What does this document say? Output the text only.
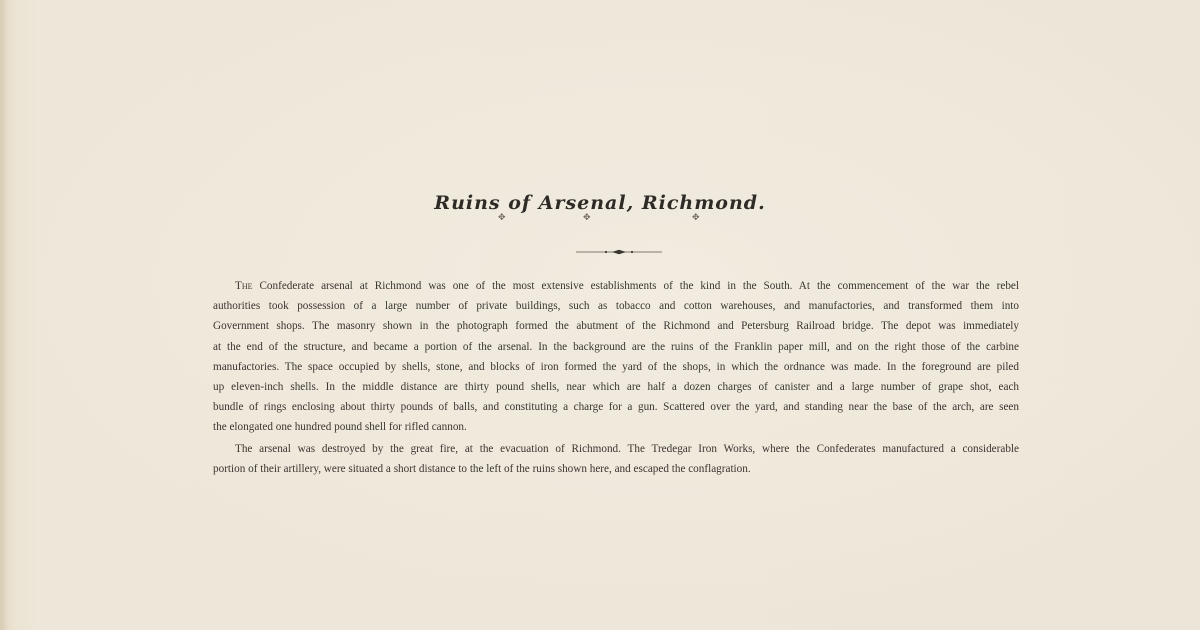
Ruins of Arsenal, Richmond.
✥	✥	✥
The Confederate arsenal at Richmond was one of the most extensive establishments of the kind in the South. At the commencement of the war the rebel
authorities took possession of a large number of private buildings, such as tobacco and cotton warehouses, and manufactories, and transformed them into
Government shops. The masonry shown in the photograph formed the abutment of the Richmond and Petersburg Railroad bridge. The depot was immediately
at the end of the structure, and became a portion of the arsenal. In the background are the ruins of the Franklin paper mill, and on the right those of the carbine
manufactories. The space occupied by shells, stone, and blocks of iron formed the yard of the shops, in which the ordnance was made. In the foreground are piled
up eleven-inch shells. In the middle distance are thirty pound shells, near which are half a dozen charges of canister and a large number of grape shot, each
bundle of rings enclosing about thirty pounds of balls, and constituting a charge for a gun. Scattered over the yard, and standing near the base of the arch, are seen
the elongated one hundred pound shell for rifled cannon.
The arsenal was destroyed by the great fire, at the evacuation of Richmond. The Tredegar Iron Works, where the Confederates manufactured a considerable
portion of their artillery, were situated a short distance to the left of the ruins shown here, and escaped the conflagration.
